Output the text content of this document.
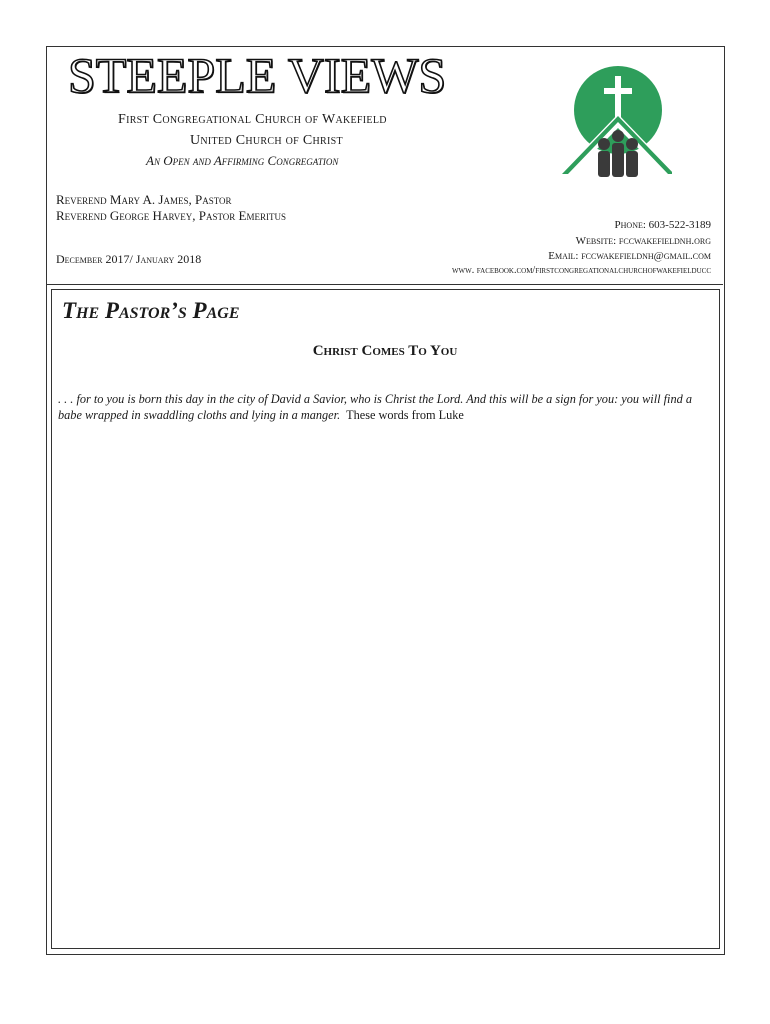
STEEPLE VIEWS
First Congregational Church of Wakefield
United Church of Christ
An Open and Affirming Congregation
Reverend Mary A. James, Pastor
Reverend George Harvey, Pastor Emeritus
December 2017/ January 2018
Phone: 603-522-3189
Website: fccwakefieldnh.org
Email: fccwakefieldnh@gmail.com
www. facebook.com/firstcongregationalchurchofwakefielducc
The Pastor’s Page
Christ Comes To You
. . . for to you is born this day in the city of David a Savior, who is Christ the Lord. And this will be a sign for you: you will find a babe wrapped in swaddling cloths and lying in a manger. These words from Luke
